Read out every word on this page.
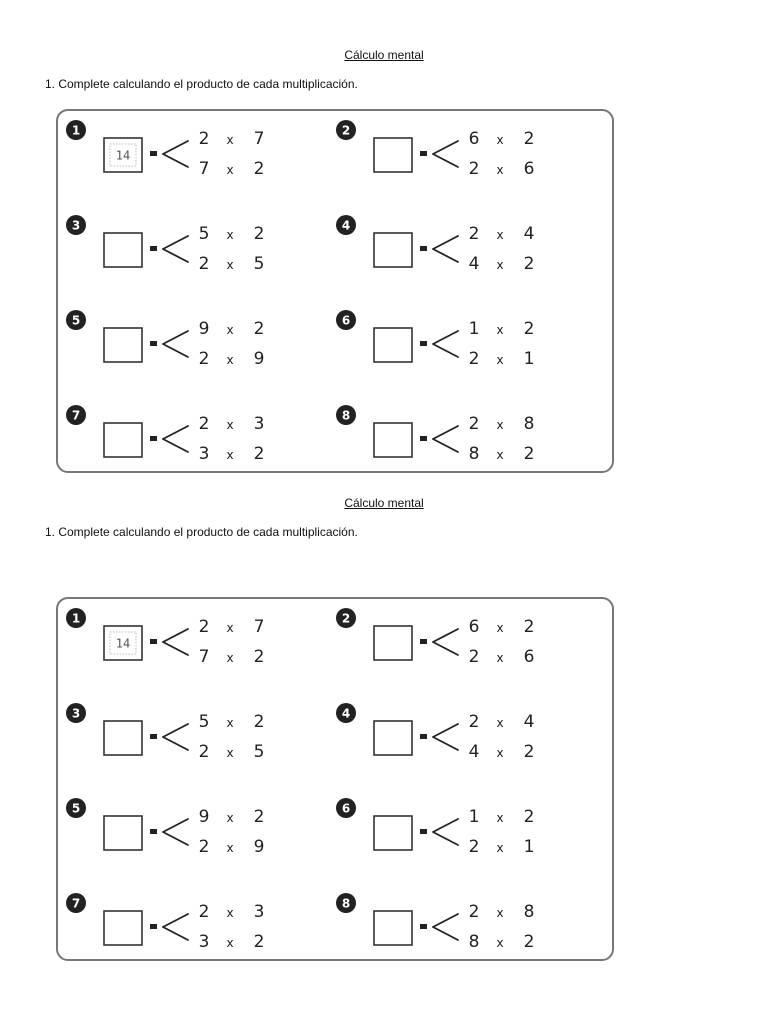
Cálculo mental
1. Complete calculando el producto de cada multiplicación.
1
14
2 x 7
7 x 2
2	6 x 2
2 x 6
3	5 x 2
2 x 5
4	2 x 4
4 x 2
5	9 x 2
2 x 9
6	1 x 2
2 x 1
7	2 x 3
3 x 2
8	2 x 8
8 x 2
Cálculo mental
1. Complete calculando el producto de cada multiplicación.
1
14
2 x 7
7 x 2
2	6 x 2
2 x 6
3	5 x 2
2 x 5
4	2 x 4
4 x 2
5	9 x 2
2 x 9
6	1 x 2
2 x 1
7	2 x 3
3 x 2
8	2 x 8
8 x 2
